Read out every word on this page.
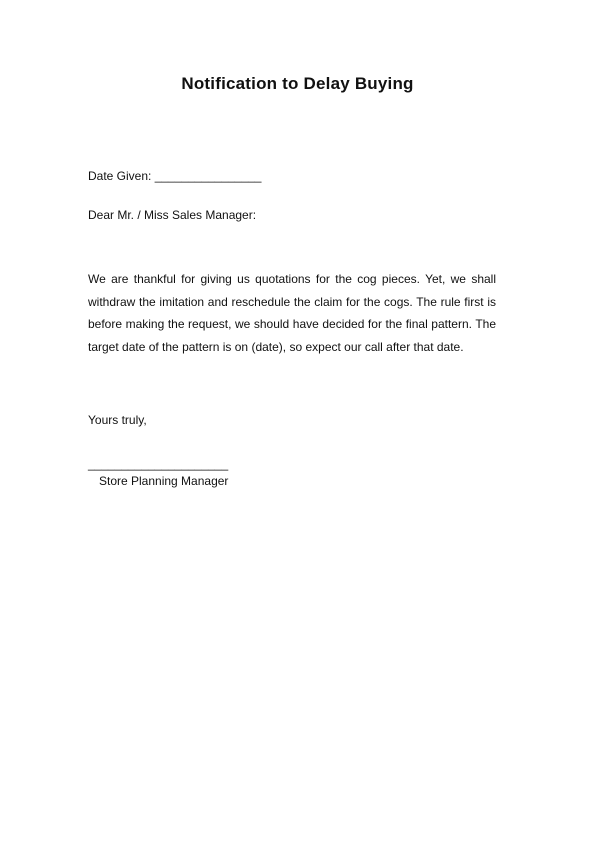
Notification to Delay Buying
Date Given: ________________
Dear Mr. / Miss Sales Manager:

We are thankful for giving us quotations for the cog pieces. Yet, we shall withdraw the imitation and reschedule the claim for the cogs. The rule first is before making the request, we should have decided for the final pattern. The target date of the pattern is on (date), so expect our call after that date.

Yours truly,
_____________________
Store Planning Manager
